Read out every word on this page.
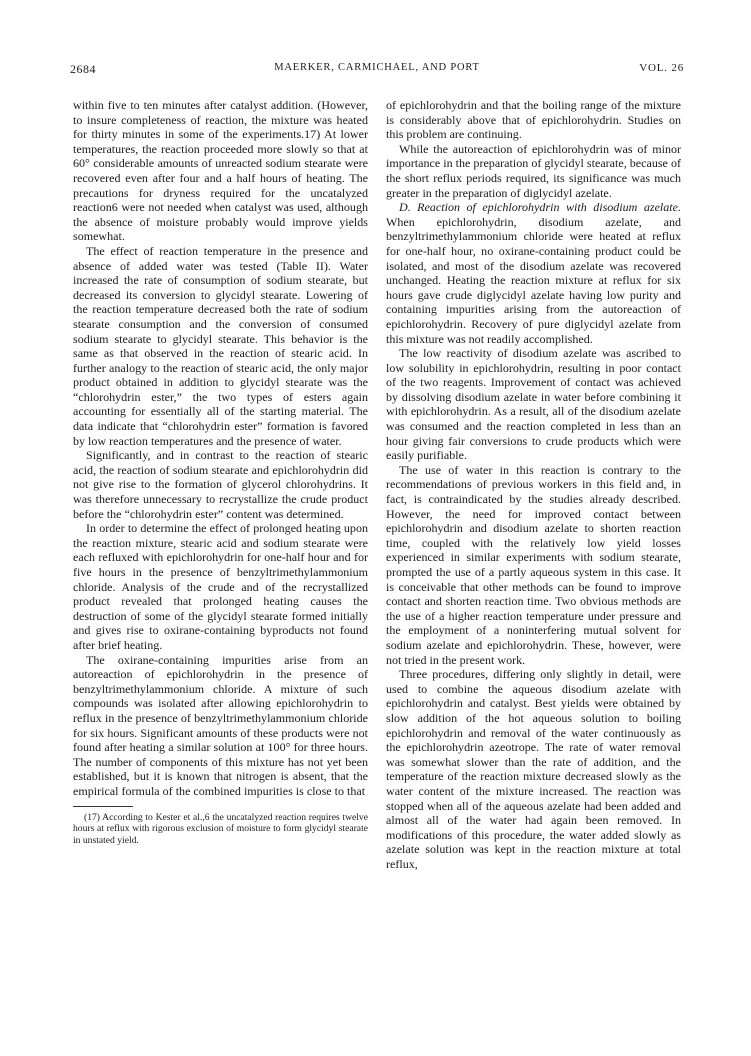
2684	MAERKER, CARMICHAEL, AND PORT	VOL. 26

within five to ten minutes after catalyst addition. (However, to insure completeness of reaction, the mixture was heated for thirty minutes in some of the experiments.17) At lower temperatures, the reaction proceeded more slowly so that at 60° considerable amounts of unreacted sodium stearate were recovered even after four and a half hours of heating. The precautions for dryness required for the uncatalyzed reaction6 were not needed when catalyst was used, although the absence of moisture probably would improve yields somewhat.

The effect of reaction temperature in the presence and absence of added water was tested (Table II). Water increased the rate of consumption of sodium stearate, but decreased its conversion to glycidyl stearate. Lowering of the reaction temperature decreased both the rate of sodium stearate consumption and the conversion of consumed sodium stearate to glycidyl stearate. This behavior is the same as that observed in the reaction of stearic acid. In further analogy to the reaction of stearic acid, the only major product obtained in addition to glycidyl stearate was the “chlorohydrin ester,” the two types of esters again accounting for essentially all of the starting material. The data indicate that “chlorohydrin ester” formation is favored by low reaction temperatures and the presence of water.

Significantly, and in contrast to the reaction of stearic acid, the reaction of sodium stearate and epichlorohydrin did not give rise to the formation of glycerol chlorohydrins. It was therefore unnecessary to recrystallize the crude product before the “chlorohydrin ester” content was determined.

In order to determine the effect of prolonged heating upon the reaction mixture, stearic acid and sodium stearate were each refluxed with epichlorohydrin for one-half hour and for five hours in the presence of benzyltrimethylammonium chloride. Analysis of the crude and of the recrystallized product revealed that prolonged heating causes the destruction of some of the glycidyl stearate formed initially and gives rise to oxirane-containing byproducts not found after brief heating.

The oxirane-containing impurities arise from an autoreaction of epichlorohydrin in the presence of benzyltrimethylammonium chloride. A mixture of such compounds was isolated after allowing epichlorohydrin to reflux in the presence of benzyltrimethylammonium chloride for six hours. Significant amounts of these products were not found after heating a similar solution at 100° for three hours. The number of components of this mixture has not yet been established, but it is known that nitrogen is absent, that the empirical formula of the combined impurities is close to that

(17) According to Kester et al.,6 the uncatalyzed reaction requires twelve hours at reflux with rigorous exclusion of moisture to form glycidyl stearate in unstated yield.

of epichlorohydrin and that the boiling range of the mixture is considerably above that of epichlorohydrin. Studies on this problem are continuing.

While the autoreaction of epichlorohydrin was of minor importance in the preparation of glycidyl stearate, because of the short reflux periods required, its significance was much greater in the preparation of diglycidyl azelate.

D. Reaction of epichlorohydrin with disodium azelate. When epichlorohydrin, disodium azelate, and benzyltrimethylammonium chloride were heated at reflux for one-half hour, no oxirane-containing product could be isolated, and most of the disodium azelate was recovered unchanged. Heating the reaction mixture at reflux for six hours gave crude diglycidyl azelate having low purity and containing impurities arising from the autoreaction of epichlorohydrin. Recovery of pure diglycidyl azelate from this mixture was not readily accomplished.

The low reactivity of disodium azelate was ascribed to low solubility in epichlorohydrin, resulting in poor contact of the two reagents. Improvement of contact was achieved by dissolving disodium azelate in water before combining it with epichlorohydrin. As a result, all of the disodium azelate was consumed and the reaction completed in less than an hour giving fair conversions to crude products which were easily purifiable.

The use of water in this reaction is contrary to the recommendations of previous workers in this field and, in fact, is contraindicated by the studies already described. However, the need for improved contact between epichlorohydrin and disodium azelate to shorten reaction time, coupled with the relatively low yield losses experienced in similar experiments with sodium stearate, prompted the use of a partly aqueous system in this case. It is conceivable that other methods can be found to improve contact and shorten reaction time. Two obvious methods are the use of a higher reaction temperature under pressure and the employment of a noninterfering mutual solvent for sodium azelate and epichlorohydrin. These, however, were not tried in the present work.

Three procedures, differing only slightly in detail, were used to combine the aqueous disodium azelate with epichlorohydrin and catalyst. Best yields were obtained by slow addition of the hot aqueous solution to boiling epichlorohydrin and removal of the water continuously as the epichlorohydrin azeotrope. The rate of water removal was somewhat slower than the rate of addition, and the temperature of the reaction mixture decreased slowly as the water content of the mixture increased. The reaction was stopped when all of the aqueous azelate had been added and almost all of the water had again been removed. In modifications of this procedure, the water added slowly as azelate solution was kept in the reaction mixture at total reflux,
